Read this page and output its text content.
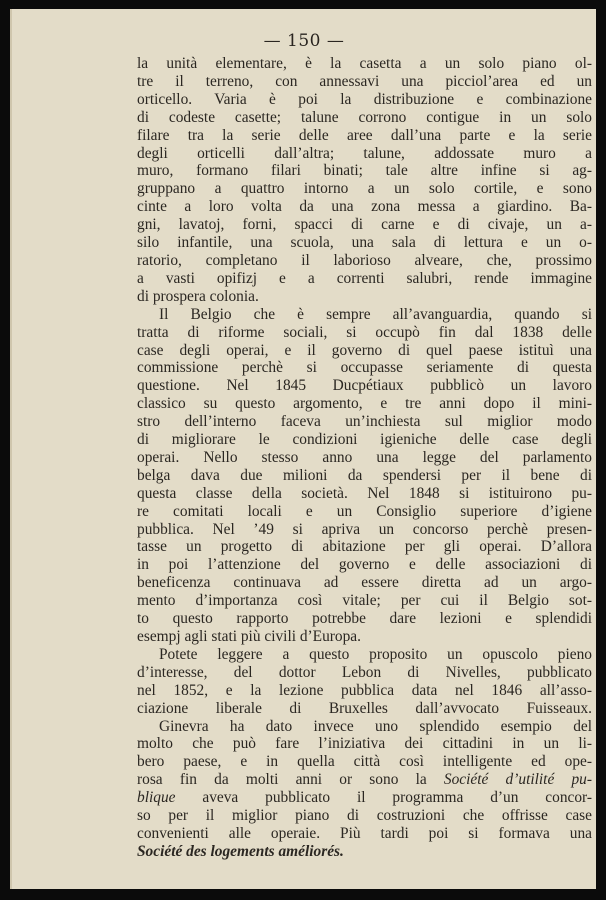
— 150 —
la unità elementare, è la casetta a un solo piano ol-
tre il terreno, con annessavi una picciol’area ed un
orticello. Varia è poi la distribuzione e combinazione
di codeste casette; talune corrono contigue in un solo
filare tra la serie delle aree dall’una parte e la serie
degli orticelli dall’altra; talune, addossate muro a
muro, formano filari binati; tale altre infine si ag-
gruppano a quattro intorno a un solo cortile, e sono
cinte a loro volta da una zona messa a giardino. Ba-
gni, lavatoj, forni, spacci di carne e di civaje, un a-
silo infantile, una scuola, una sala di lettura e un o-
ratorio, completano il laborioso alveare, che, prossimo
a vasti opifizj e a correnti salubri, rende immagine
di prospera colonia.
Il Belgio che è sempre all’avanguardia, quando si
tratta di riforme sociali, si occupò fin dal 1838 delle
case degli operai, e il governo di quel paese istituì una
commissione perchè si occupasse seriamente di questa
questione. Nel 1845 Ducpétiaux pubblicò un lavoro
classico su questo argomento, e tre anni dopo il mini-
stro dell’interno faceva un’inchiesta sul miglior modo
di migliorare le condizioni igieniche delle case degli
operai. Nello stesso anno una legge del parlamento
belga dava due milioni da spendersi per il bene di
questa classe della società. Nel 1848 si istituirono pu-
re comitati locali e un Consiglio superiore d’igiene
pubblica. Nel ’49 si apriva un concorso perchè presen-
tasse un progetto di abitazione per gli operai. D’allora
in poi l’attenzione del governo e delle associazioni di
beneficenza continuava ad essere diretta ad un argo-
mento d’importanza così vitale; per cui il Belgio sot-
to questo rapporto potrebbe dare lezioni e splendidi
esempj agli stati più civili d’Europa.
Potete leggere a questo proposito un opuscolo pieno
d’interesse, del dottor Lebon di Nivelles, pubblicato
nel 1852, e la lezione pubblica data nel 1846 all’asso-
ciazione liberale di Bruxelles dall’avvocato Fuisseaux.
Ginevra ha dato invece uno splendido esempio del
molto che può fare l’iniziativa dei cittadini in un li-
bero paese, e in quella città così intelligente ed ope-
rosa fin da molti anni or sono la Société d’utilité pu-
blique aveva pubblicato il programma d’un concor-
so per il miglior piano di costruzioni che offrisse case
convenienti alle operaie. Più tardi poi si formava una
Société des logements améliorés.
